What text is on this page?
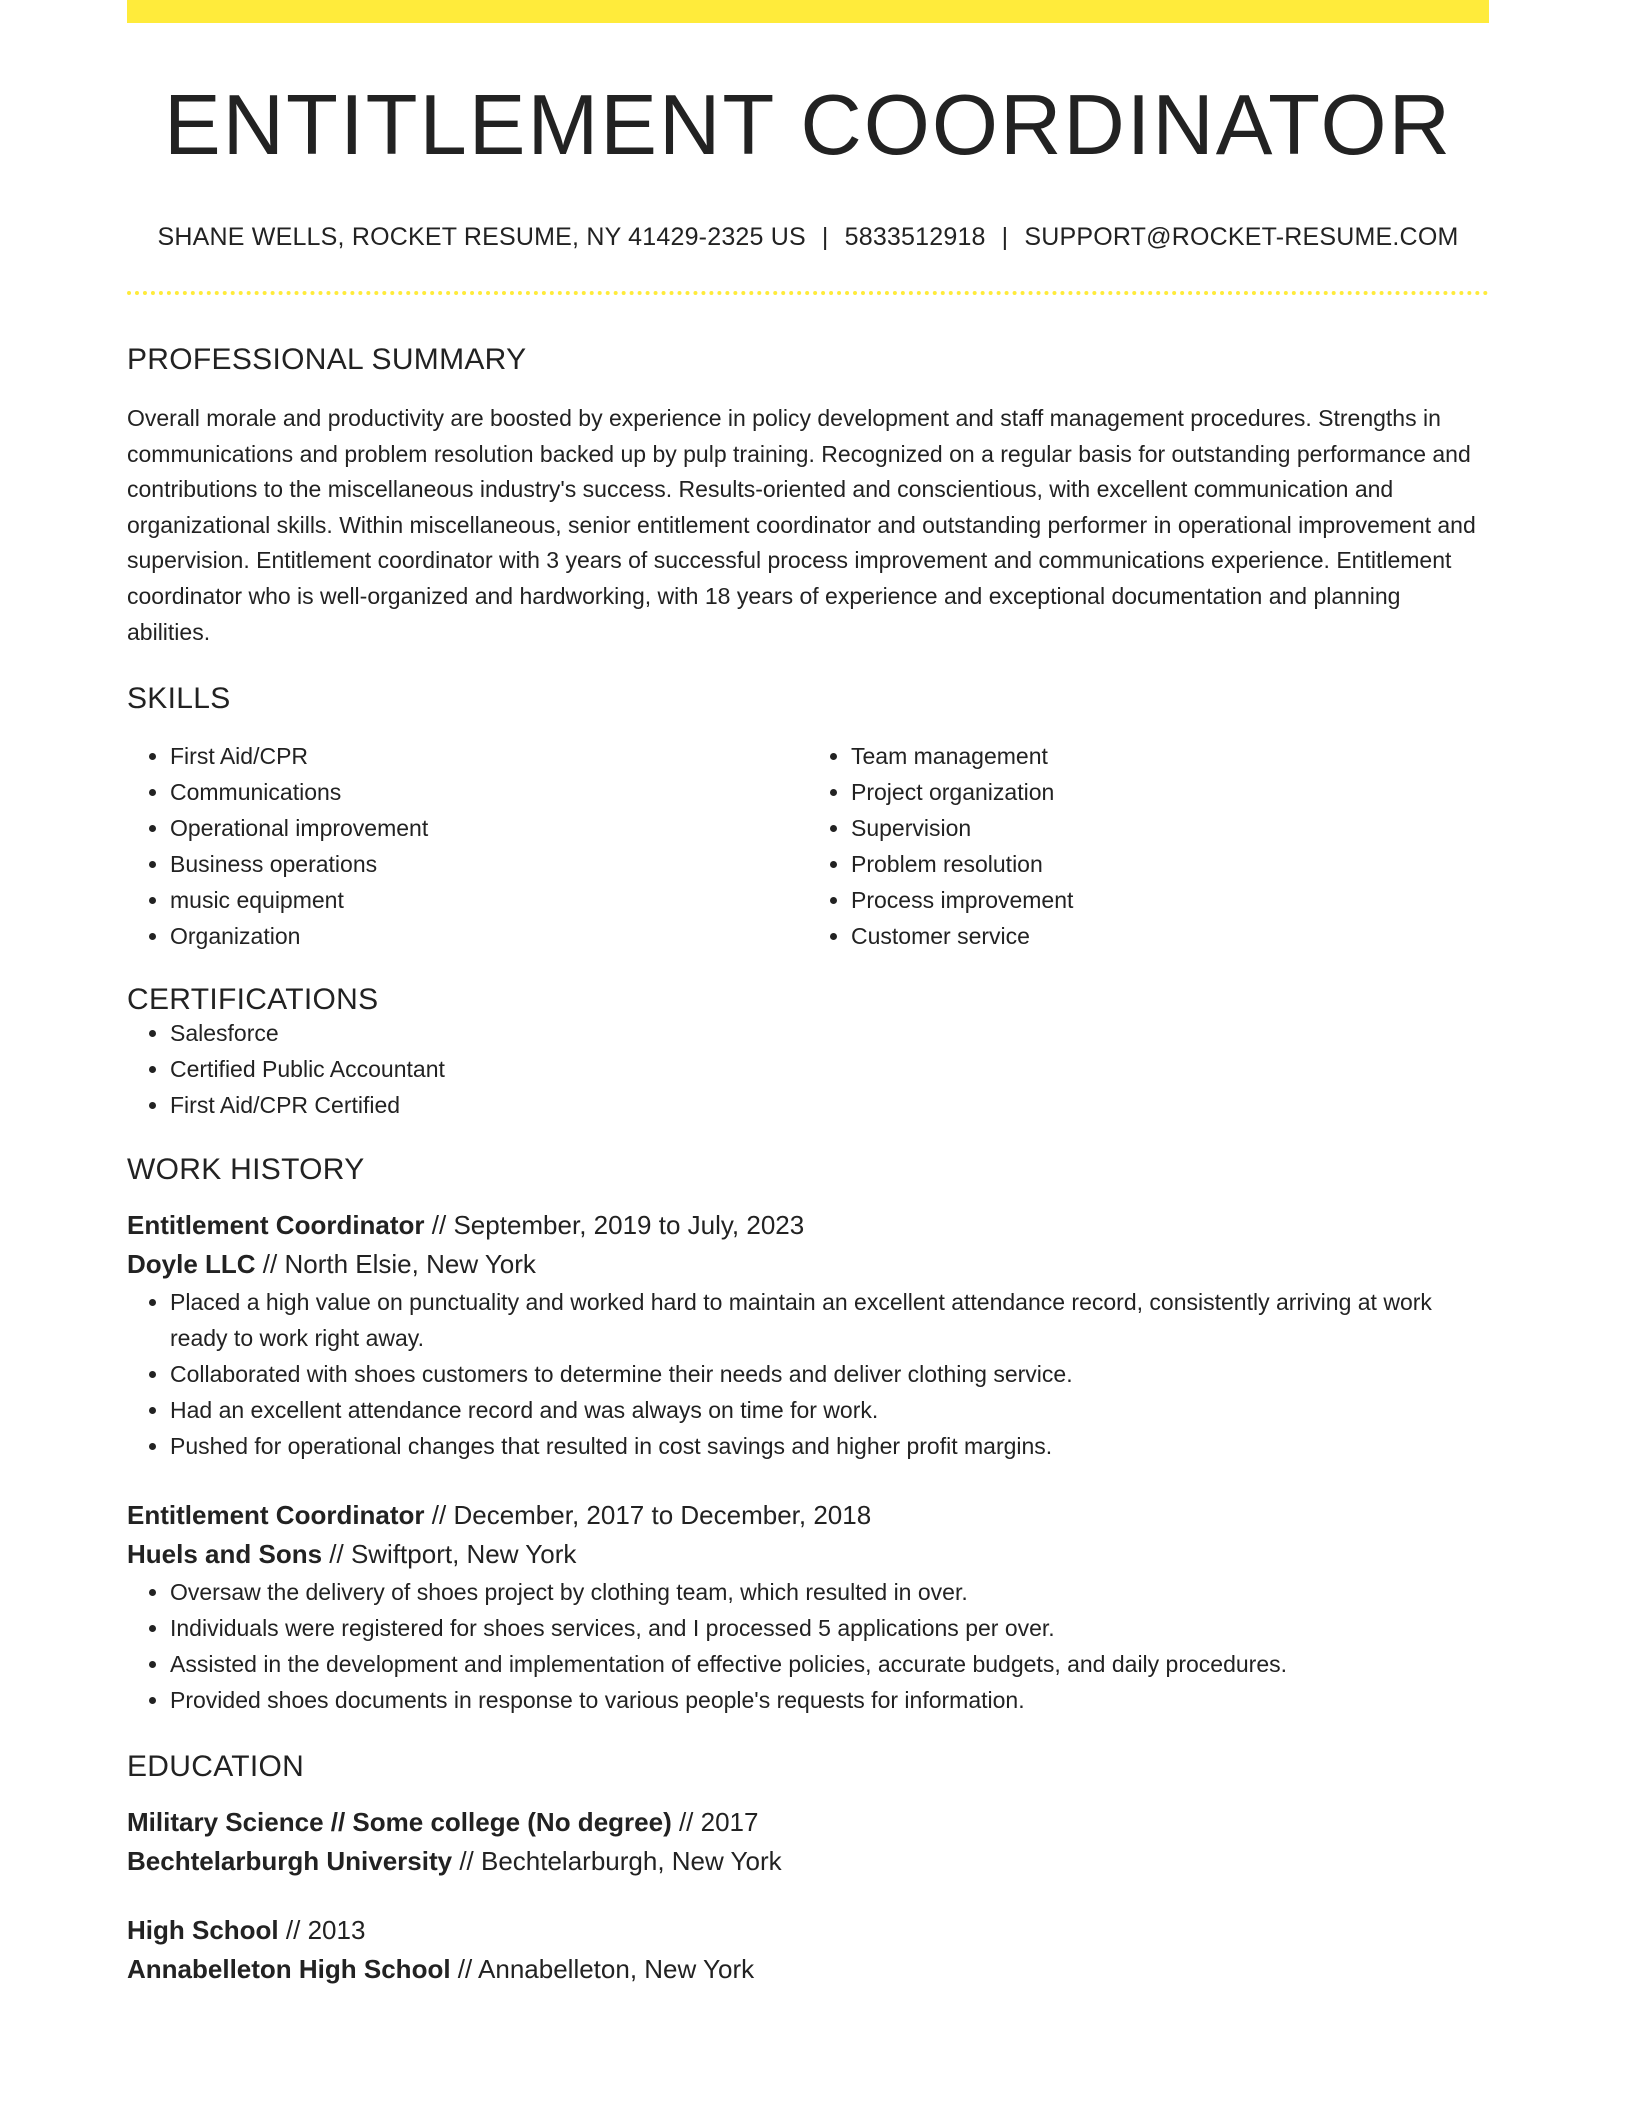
ENTITLEMENT COORDINATOR
SHANE WELLS, ROCKET RESUME, NY 41429-2325 US | 5833512918 | SUPPORT@ROCKET-RESUME.COM
PROFESSIONAL SUMMARY

Overall morale and productivity are boosted by experience in policy development and staff management procedures. Strengths in communications and problem resolution backed up by pulp training. Recognized on a regular basis for outstanding performance and contributions to the miscellaneous industry's success. Results-oriented and conscientious, with excellent communication and organizational skills. Within miscellaneous, senior entitlement coordinator and outstanding performer in operational improvement and supervision. Entitlement coordinator with 3 years of successful process improvement and communications experience. Entitlement coordinator who is well-organized and hardworking, with 18 years of experience and exceptional documentation and planning abilities.

SKILLS
• First Aid/CPR
• Communications
• Operational improvement
• Business operations
• music equipment
• Organization
• Team management
• Project organization
• Supervision
• Problem resolution
• Process improvement
• Customer service
CERTIFICATIONS
• Salesforce
• Certified Public Accountant
• First Aid/CPR Certified
WORK HISTORY
Entitlement Coordinator // September, 2019 to July, 2023
Doyle LLC // North Elsie, New York
• Placed a high value on punctuality and worked hard to maintain an excellent attendance record, consistently arriving at work ready to work right away.
• Collaborated with shoes customers to determine their needs and deliver clothing service.
• Had an excellent attendance record and was always on time for work.
• Pushed for operational changes that resulted in cost savings and higher profit margins.
Entitlement Coordinator // December, 2017 to December, 2018
Huels and Sons // Swiftport, New York
• Oversaw the delivery of shoes project by clothing team, which resulted in over.
• Individuals were registered for shoes services, and I processed 5 applications per over.
• Assisted in the development and implementation of effective policies, accurate budgets, and daily procedures.
• Provided shoes documents in response to various people's requests for information.
EDUCATION
Military Science // Some college (No degree) // 2017
Bechtelarburgh University // Bechtelarburgh, New York
High School // 2013
Annabelleton High School // Annabelleton, New York
